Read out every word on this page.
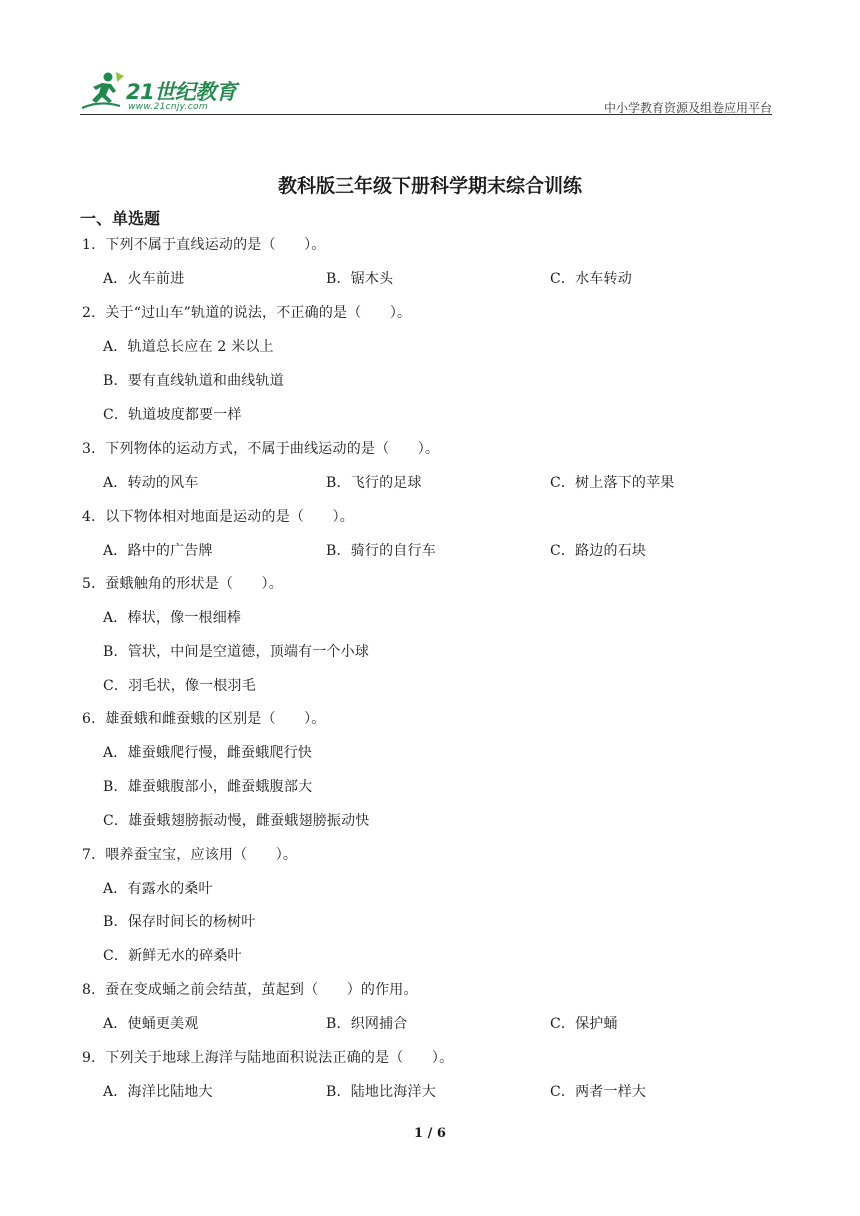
21世纪教育
www.21cnjy.com	中小学教育资源及组卷应用平台
教科版三年级下册科学期末综合训练
一、单选题
1．下列不属于直线运动的是（　　）。
A．火车前进	B．锯木头	C．水车转动
2．关于“过山车”轨道的说法，不正确的是（　　）。
A．轨道总长应在 2 米以上
B．要有直线轨道和曲线轨道
C．轨道坡度都要一样
3．下列物体的运动方式，不属于曲线运动的是（　　）。
A．转动的风车	B．飞行的足球	C．树上落下的苹果
4．以下物体相对地面是运动的是（　　）。
A．路中的广告牌	B．骑行的自行车	C．路边的石块
5．蚕蛾触角的形状是（　　）。
A．棒状，像一根细棒
B．管状，中间是空道德，顶端有一个小球
C．羽毛状，像一根羽毛
6．雄蚕蛾和雌蚕蛾的区别是（　　）。
A．雄蚕蛾爬行慢，雌蚕蛾爬行快
B．雄蚕蛾腹部小，雌蚕蛾腹部大
C．雄蚕蛾翅膀振动慢，雌蚕蛾翅膀振动快
7．喂养蚕宝宝，应该用（　　）。
A．有露水的桑叶
B．保存时间长的杨树叶
C．新鲜无水的碎桑叶
8．蚕在变成蛹之前会结茧，茧起到（　　）的作用。
A．使蛹更美观	B．织网捕合	C．保护蛹
9．下列关于地球上海洋与陆地面积说法正确的是（　　）。
A．海洋比陆地大	B．陆地比海洋大	C．两者一样大
1 / 6
